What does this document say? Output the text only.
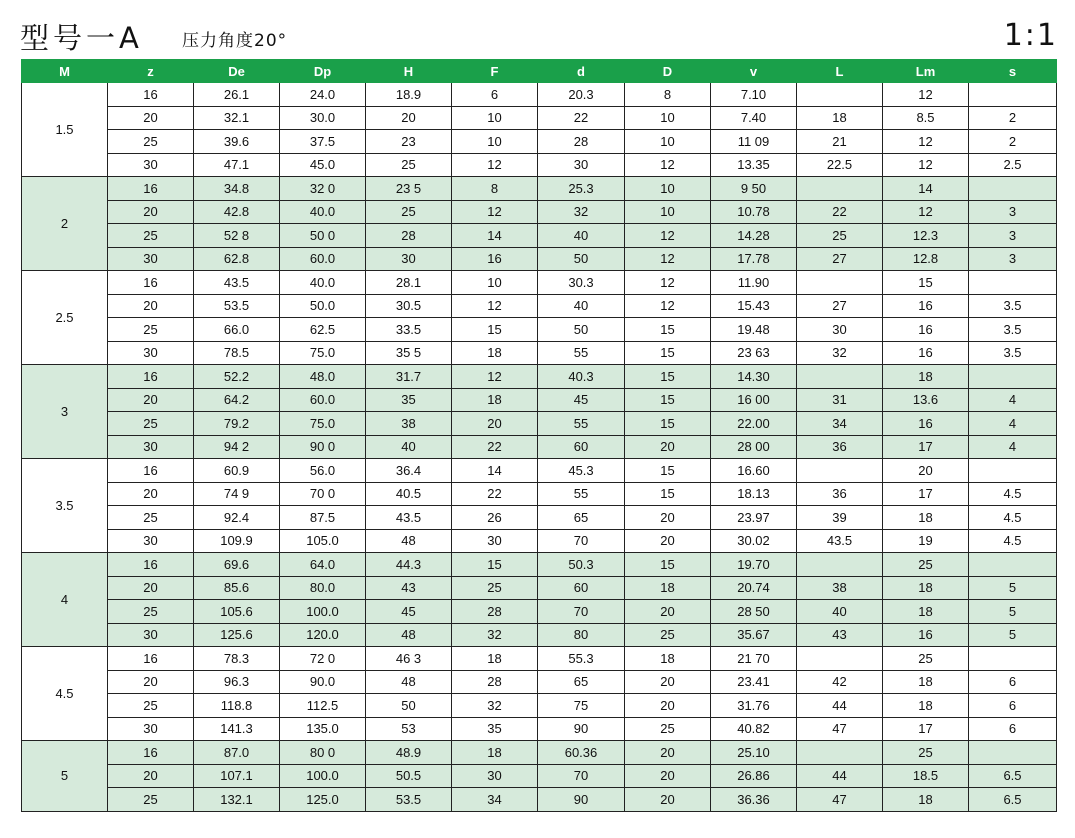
型号一A 压力角度20°	1:1
M	z	De	Dp	H	F	d	D	v	L	Lm	s
1.5	16	26.1	24.0	18.9	6	20.3	8	7.10		12	
	20	32.1	30.0	20	10	22	10	7.40	18	8.5	2
	25	39.6	37.5	23	10	28	10	11 09	21	12	2
	30	47.1	45.0	25	12	30	12	13.35	22.5	12	2.5
2	16	34.8	32 0	23 5	8	25.3	10	9 50		14	
	20	42.8	40.0	25	12	32	10	10.78	22	12	3
	25	52 8	50 0	28	14	40	12	14.28	25	12.3	3
	30	62.8	60.0	30	16	50	12	17.78	27	12.8	3
2.5	16	43.5	40.0	28.1	10	30.3	12	11.90		15	
	20	53.5	50.0	30.5	12	40	12	15.43	27	16	3.5
	25	66.0	62.5	33.5	15	50	15	19.48	30	16	3.5
	30	78.5	75.0	35 5	18	55	15	23 63	32	16	3.5
3	16	52.2	48.0	31.7	12	40.3	15	14.30		18	
	20	64.2	60.0	35	18	45	15	16 00	31	13.6	4
	25	79.2	75.0	38	20	55	15	22.00	34	16	4
	30	94 2	90 0	40	22	60	20	28 00	36	17	4
3.5	16	60.9	56.0	36.4	14	45.3	15	16.60		20	
	20	74 9	70 0	40.5	22	55	15	18.13	36	17	4.5
	25	92.4	87.5	43.5	26	65	20	23.97	39	18	4.5
	30	109.9	105.0	48	30	70	20	30.02	43.5	19	4.5
4	16	69.6	64.0	44.3	15	50.3	15	19.70		25	
	20	85.6	80.0	43	25	60	18	20.74	38	18	5
	25	105.6	100.0	45	28	70	20	28 50	40	18	5
	30	125.6	120.0	48	32	80	25	35.67	43	16	5
4.5	16	78.3	72 0	46 3	18	55.3	18	21 70		25	
	20	96.3	90.0	48	28	65	20	23.41	42	18	6
	25	118.8	112.5	50	32	75	20	31.76	44	18	6
	30	141.3	135.0	53	35	90	25	40.82	47	17	6
5	16	87.0	80 0	48.9	18	60.36	20	25.10		25	
	20	107.1	100.0	50.5	30	70	20	26.86	44	18.5	6.5
	25	132.1	125.0	53.5	34	90	20	36.36	47	18	6.5
